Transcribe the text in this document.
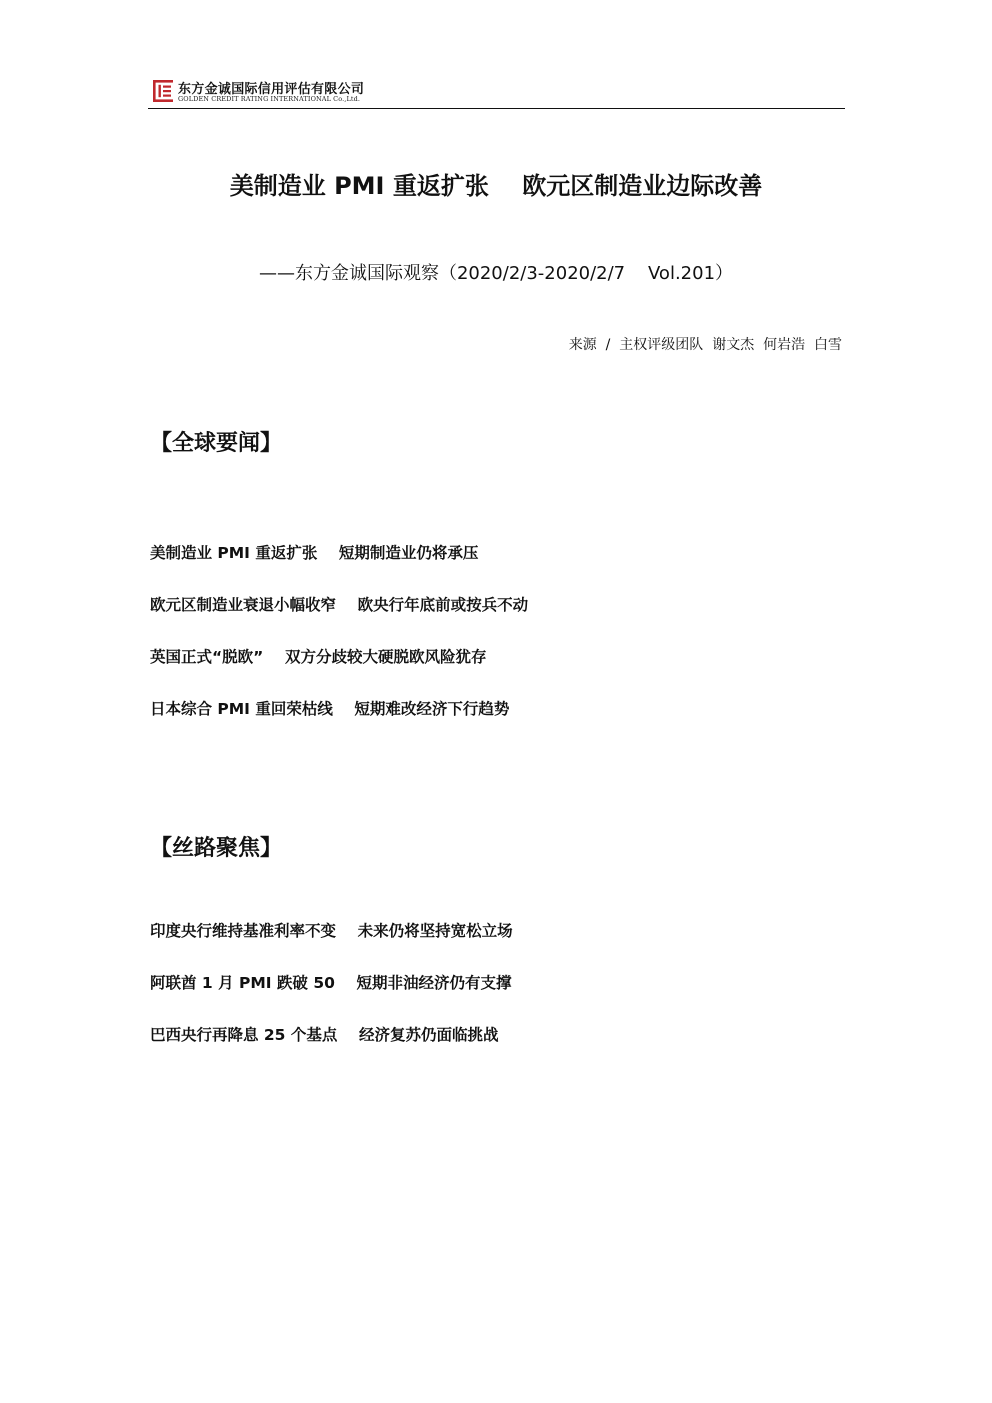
东方金诚国际信用评估有限公司
GOLDEN CREDIT RATING INTERNATIONAL Co.,Ltd.
美制造业 PMI 重返扩张    欧元区制造业边际改善
——东方金诚国际观察（2020/2/3-2020/2/7    Vol.201）
来源  /  主权评级团队  谢文杰  何岩浩  白雪
【全球要闻】
美制造业 PMI 重返扩张    短期制造业仍将承压
欧元区制造业衰退小幅收窄    欧央行年底前或按兵不动
英国正式“脱欧”    双方分歧较大硬脱欧风险犹存
日本综合 PMI 重回荣枯线    短期难改经济下行趋势
【丝路聚焦】
印度央行维持基准利率不变    未来仍将坚持宽松立场
阿联酋 1 月 PMI 跌破 50    短期非油经济仍有支撑
巴西央行再降息 25 个基点    经济复苏仍面临挑战
